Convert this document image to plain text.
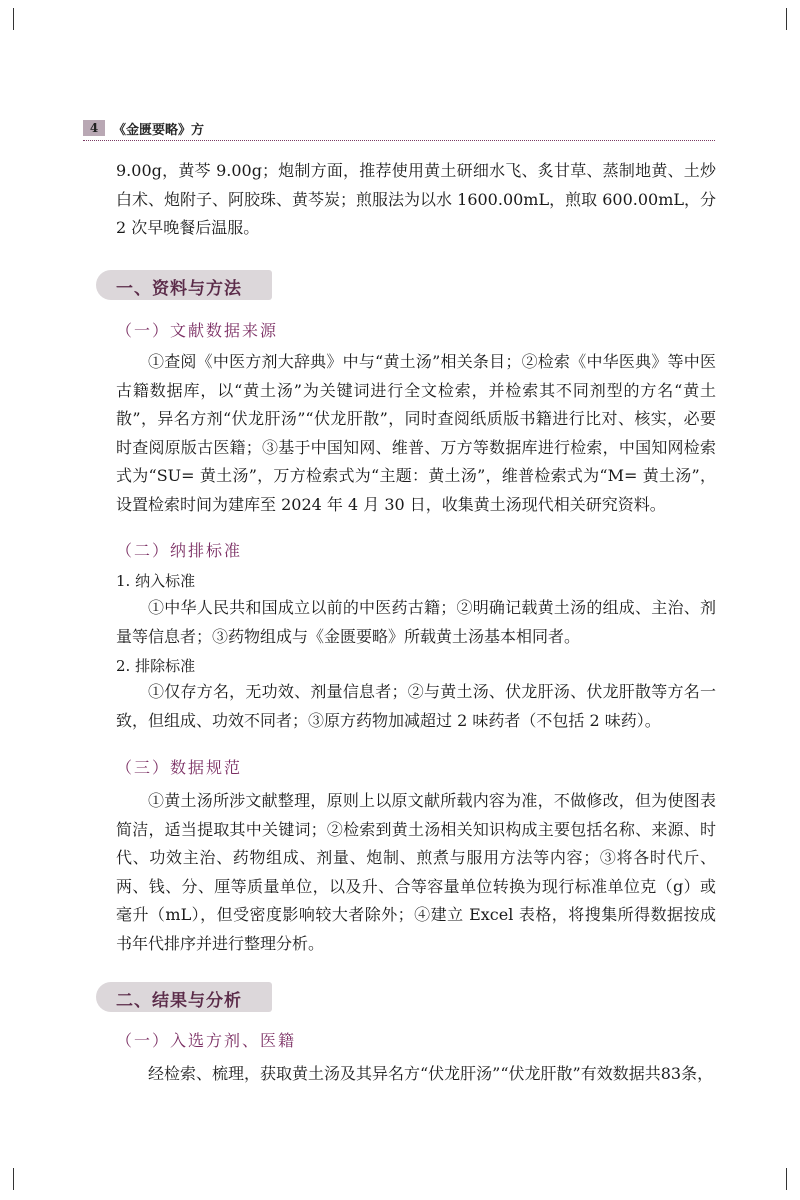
4	《金匮要略》方

9.00g，黄芩 9.00g；炮制方面，推荐使用黄土研细水飞、炙甘草、蒸制地黄、土炒白术、炮附子、阿胶珠、黄芩炭；煎服法为以水 1600.00mL，煎取 600.00mL，分 2 次早晚餐后温服。

一、资料与方法
（一）文献数据来源

①查阅《中医方剂大辞典》中与“黄土汤”相关条目；②检索《中华医典》等中医古籍数据库，以“黄土汤”为关键词进行全文检索，并检索其不同剂型的方名“黄土散”，异名方剂“伏龙肝汤”“伏龙肝散”，同时查阅纸质版书籍进行比对、核实，必要时查阅原版古医籍；③基于中国知网、维普、万方等数据库进行检索，中国知网检索式为“SU= 黄土汤”，万方检索式为“主题：黄土汤”，维普检索式为“M= 黄土汤”，设置检索时间为建库至 2024 年 4 月 30 日，收集黄土汤现代相关研究资料。

（二）纳排标准
1. 纳入标准

①中华人民共和国成立以前的中医药古籍；②明确记载黄土汤的组成、主治、剂量等信息者；③药物组成与《金匮要略》所载黄土汤基本相同者。

2. 排除标准

①仅存方名，无功效、剂量信息者；②与黄土汤、伏龙肝汤、伏龙肝散等方名一致，但组成、功效不同者；③原方药物加减超过 2 味药者（不包括 2 味药）。

（三）数据规范

①黄土汤所涉文献整理，原则上以原文献所载内容为准，不做修改，但为使图表简洁，适当提取其中关键词；②检索到黄土汤相关知识构成主要包括名称、来源、时代、功效主治、药物组成、剂量、炮制、煎煮与服用方法等内容；③将各时代斤、两、钱、分、厘等质量单位，以及升、合等容量单位转换为现行标准单位克（g）或毫升（mL），但受密度影响较大者除外；④建立 Excel 表格，将搜集所得数据按成书年代排序并进行整理分析。

二、结果与分析
（一）入选方剂、医籍

经检索、梳理，获取黄土汤及其异名方“伏龙肝汤”“伏龙肝散”有效数据共83条，
